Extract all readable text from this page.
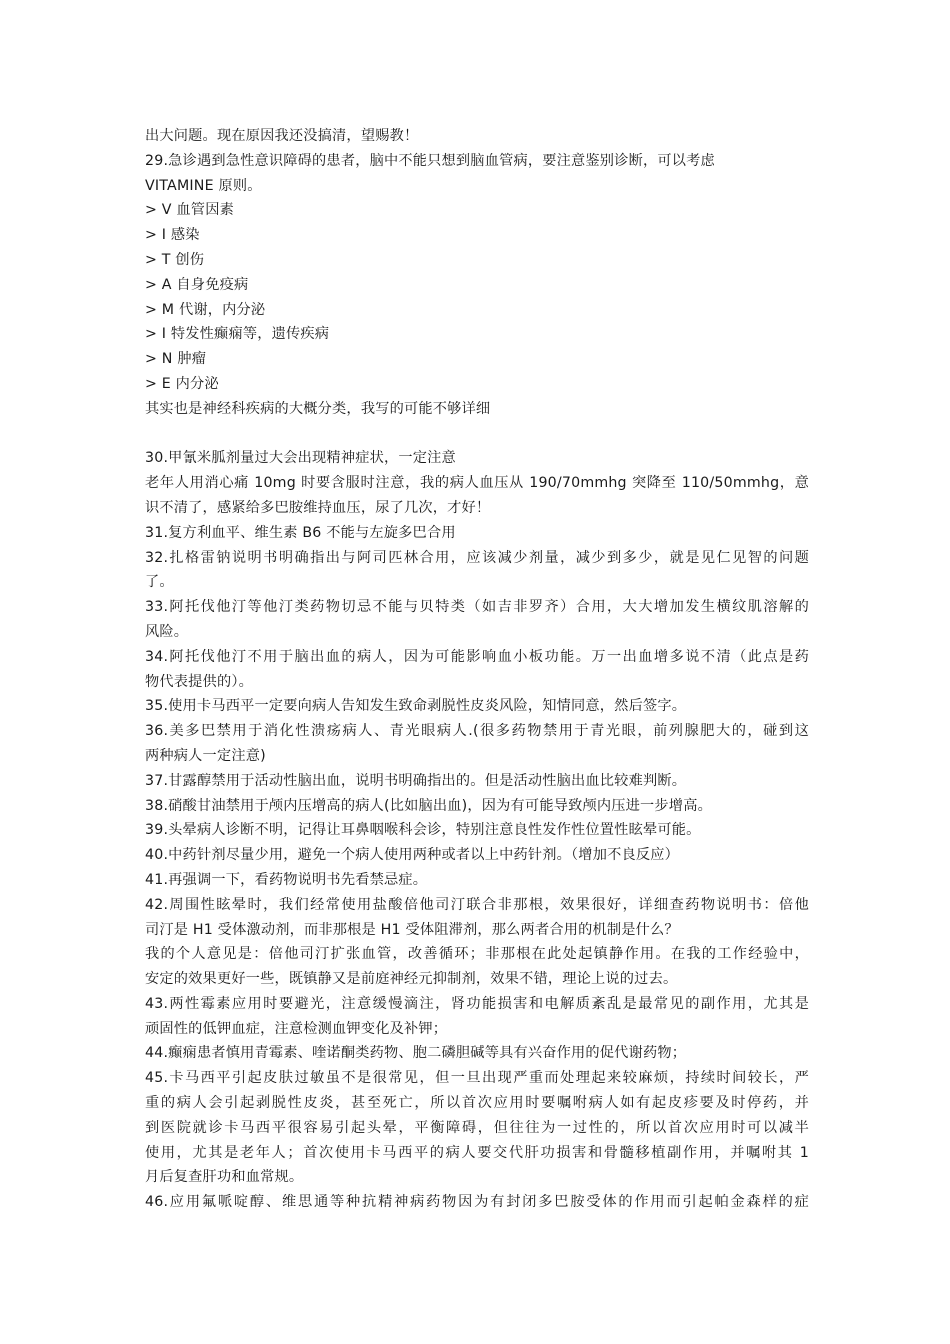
出大问题。现在原因我还没搞清，望赐教！
29.急诊遇到急性意识障碍的患者，脑中不能只想到脑血管病，要注意鉴别诊断，可以考虑
VITAMINE 原则。
> V 血管因素
> I 感染
> T 创伤
> A 自身免疫病
> M 代谢，内分泌
> I 特发性癫痫等，遗传疾病
> N 肿瘤
> E 内分泌
其实也是神经科疾病的大概分类，我写的可能不够详细
30.甲氰米胍剂量过大会出现精神症状，一定注意
老年人用消心痛 10mg 时要含服时注意，我的病人血压从 190/70mmhg 突降至 110/50mmhg，意
识不清了，感紧给多巴胺维持血压，尿了几次，才好！
31.复方利血平、维生素 B6 不能与左旋多巴合用
32.扎格雷钠说明书明确指出与阿司匹林合用，应该减少剂量，减少到多少，就是见仁见智的问题
了。
33.阿托伐他汀等他汀类药物切忌不能与贝特类（如吉非罗齐）合用，大大增加发生横纹肌溶解的
风险。
34.阿托伐他汀不用于脑出血的病人，因为可能影响血小板功能。万一出血增多说不清（此点是药
物代表提供的）。
35.使用卡马西平一定要向病人告知发生致命剥脱性皮炎风险，知情同意，然后签字。
36.美多巴禁用于消化性溃疡病人、青光眼病人.(很多药物禁用于青光眼，前列腺肥大的，碰到这
两种病人一定注意)
37.甘露醇禁用于活动性脑出血，说明书明确指出的。但是活动性脑出血比较难判断。
38.硝酸甘油禁用于颅内压增高的病人(比如脑出血)，因为有可能导致颅内压进一步增高。
39.头晕病人诊断不明，记得让耳鼻咽喉科会诊，特别注意良性发作性位置性眩晕可能。
40.中药针剂尽量少用，避免一个病人使用两种或者以上中药针剂。（增加不良反应）
41.再强调一下，看药物说明书先看禁忌症。
42.周围性眩晕时，我们经常使用盐酸倍他司汀联合非那根，效果很好，详细查药物说明书：倍他
司汀是 H1 受体激动剂，而非那根是 H1 受体阻滞剂，那么两者合用的机制是什么？
我的个人意见是：倍他司汀扩张血管，改善循环；非那根在此处起镇静作用。在我的工作经验中，
安定的效果更好一些，既镇静又是前庭神经元抑制剂，效果不错，理论上说的过去。
43.两性霉素应用时要避光，注意缓慢滴注，肾功能损害和电解质紊乱是最常见的副作用，尤其是
顽固性的低钾血症，注意检测血钾变化及补钾；
44.癫痫患者慎用青霉素、喹诺酮类药物、胞二磷胆碱等具有兴奋作用的促代谢药物；
45.卡马西平引起皮肤过敏虽不是很常见，但一旦出现严重而处理起来较麻烦，持续时间较长，严
重的病人会引起剥脱性皮炎，甚至死亡，所以首次应用时要嘱咐病人如有起皮疹要及时停药，并
到医院就诊卡马西平很容易引起头晕，平衡障碍，但往往为一过性的，所以首次应用时可以减半
使用，尤其是老年人；首次使用卡马西平的病人要交代肝功损害和骨髓移植副作用，并嘱咐其 1
月后复查肝功和血常规。
46.应用氟哌啶醇、维思通等种抗精神病药物因为有封闭多巴胺受体的作用而引起帕金森样的症
